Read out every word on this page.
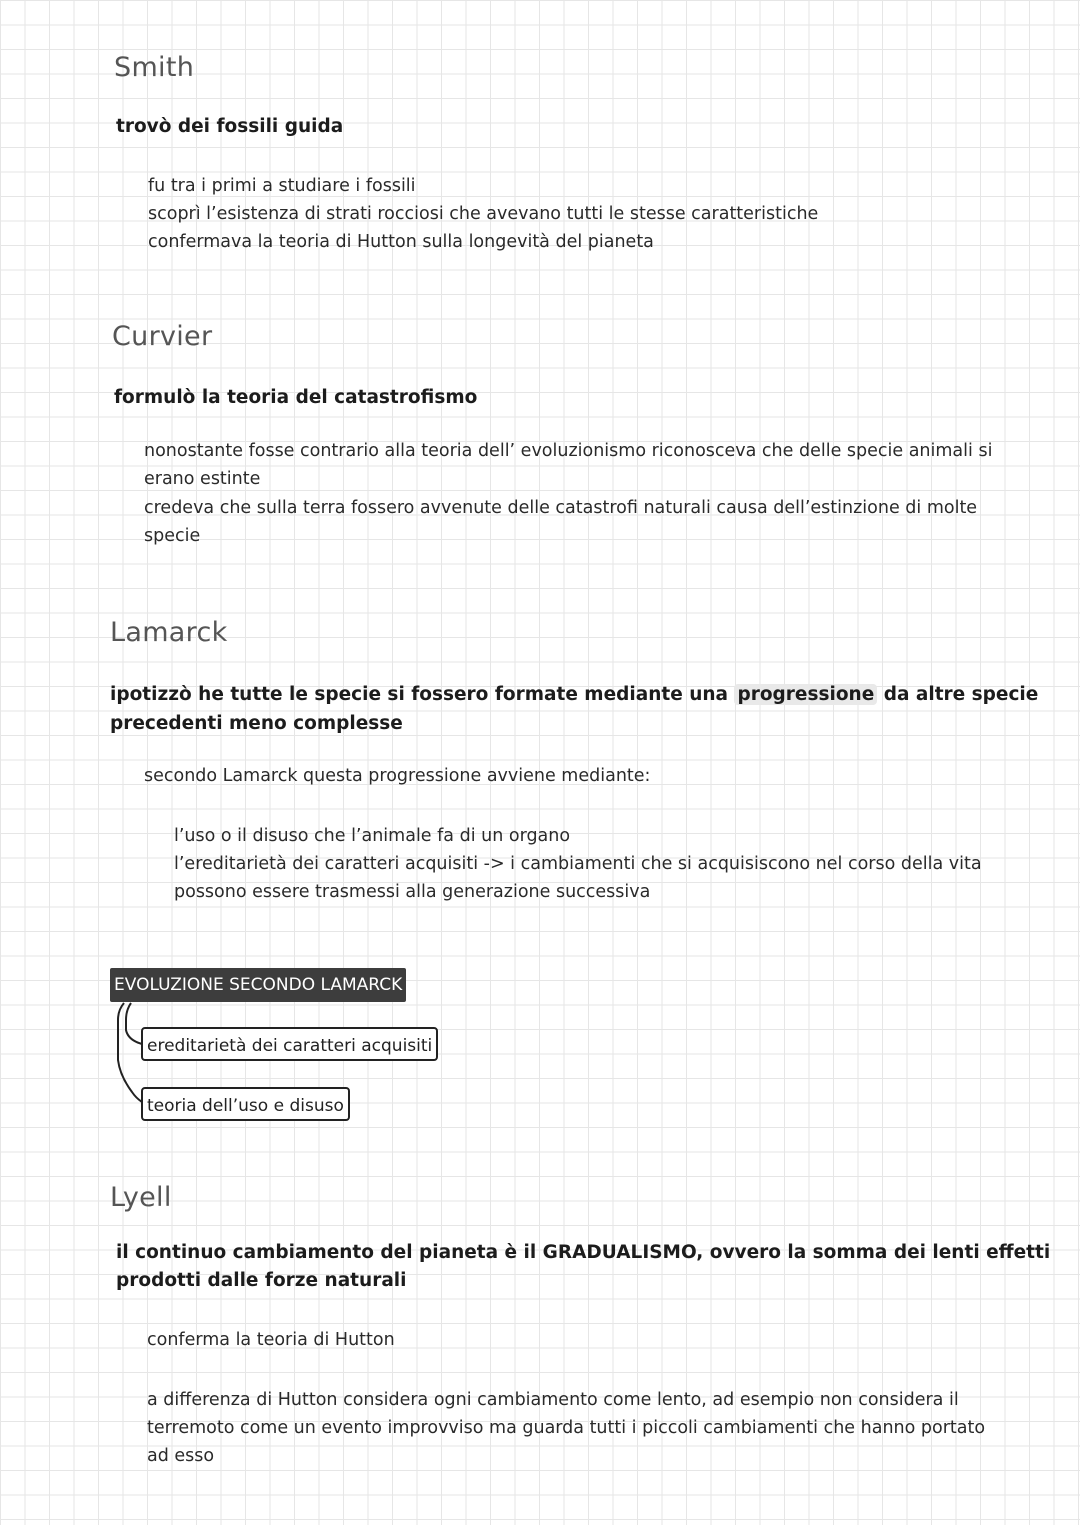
Smith
trovò dei fossili guida
fu tra i primi a studiare i fossili
scoprì l’esistenza di strati rocciosi che avevano tutti le stesse caratteristiche
confermava la teoria di Hutton sulla longevità del pianeta
Curvier
formulò la teoria del catastrofismo
nonostante fosse contrario alla teoria dell’ evoluzionismo riconosceva che delle specie animali si
erano estinte
credeva che sulla terra fossero avvenute delle catastrofi naturali causa dell’estinzione di molte
specie
Lamarck
ipotizzò he tutte le specie si fossero formate mediante una progressione da altre specie
precedenti meno complesse
secondo Lamarck questa progressione avviene mediante:
l’uso o il disuso che l’animale fa di un organo
l’ereditarietà dei caratteri acquisiti -> i cambiamenti che si acquisiscono nel corso della vita
possono essere trasmessi alla generazione successiva
EVOLUZIONE SECONDO LAMARCK
ereditarietà dei caratteri acquisiti
teoria dell’uso e disuso
Lyell
il continuo cambiamento del pianeta è il GRADUALISMO, ovvero la somma dei lenti effetti
prodotti dalle forze naturali
conferma la teoria di Hutton
a differenza di Hutton considera ogni cambiamento come lento, ad esempio non considera il
terremoto come un evento improvviso ma guarda tutti i piccoli cambiamenti che hanno portato
ad esso
